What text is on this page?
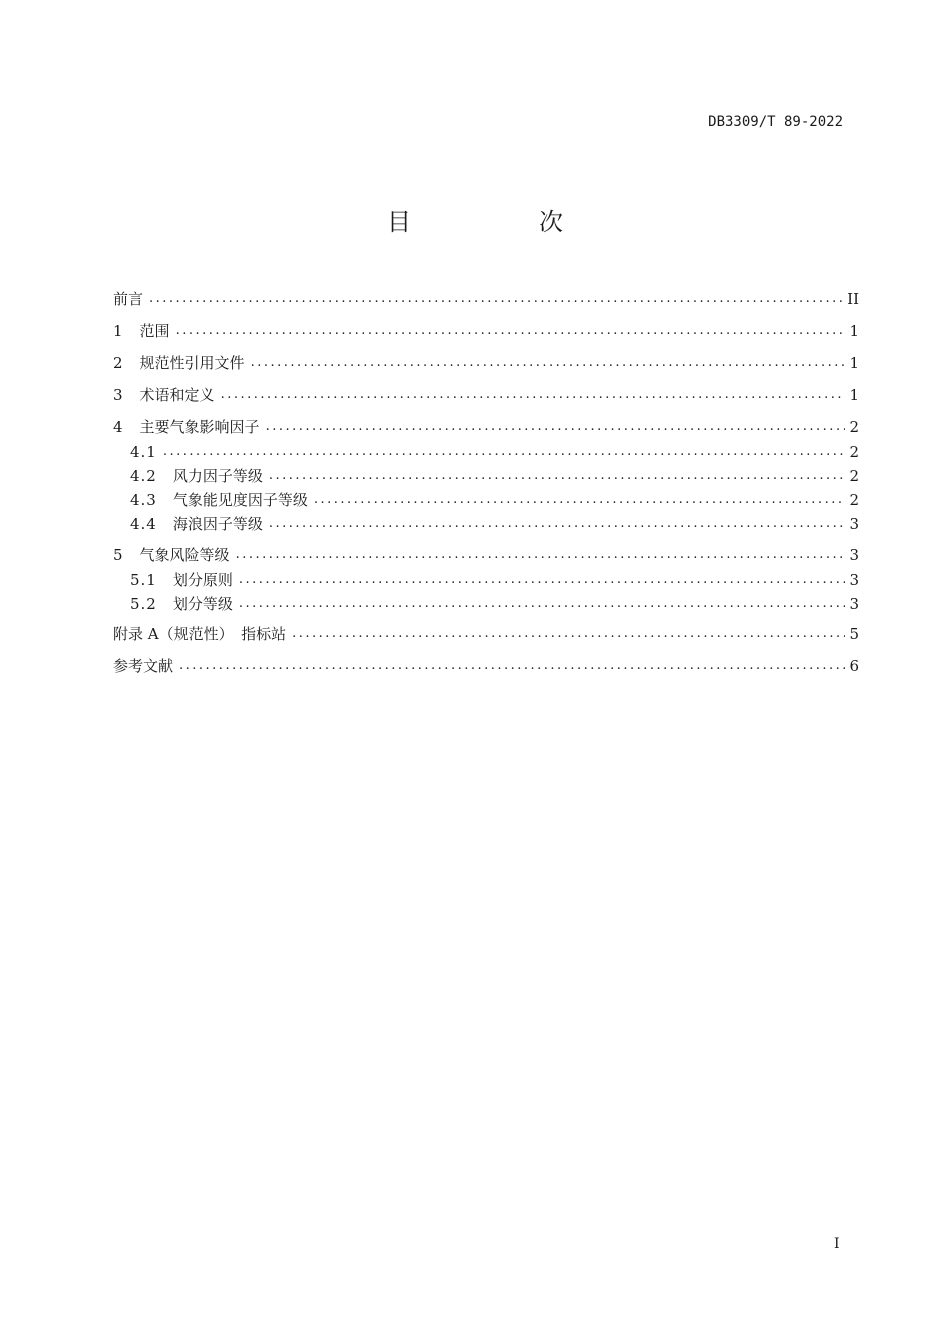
DB3309/T 89-2022
目　次
前言 .....	II
1　 范围 .....	1
2　 规范性引用文件 .....	1
3　 术语和定义 .....	1
4　 主要气象影响因子 .....	2
4.1 .....	2
4.2　 风力因子等级 .....	2
4.3　 气象能见度因子等级 .....	2
4.4　 海浪因子等级 .....	3
5　 气象风险等级 .....	3
5.1　 划分原则 .....	3
5.2　 划分等级 .....	3
附录 A（规范性）　指标站 .....	5
参考文献 .....	6
I
